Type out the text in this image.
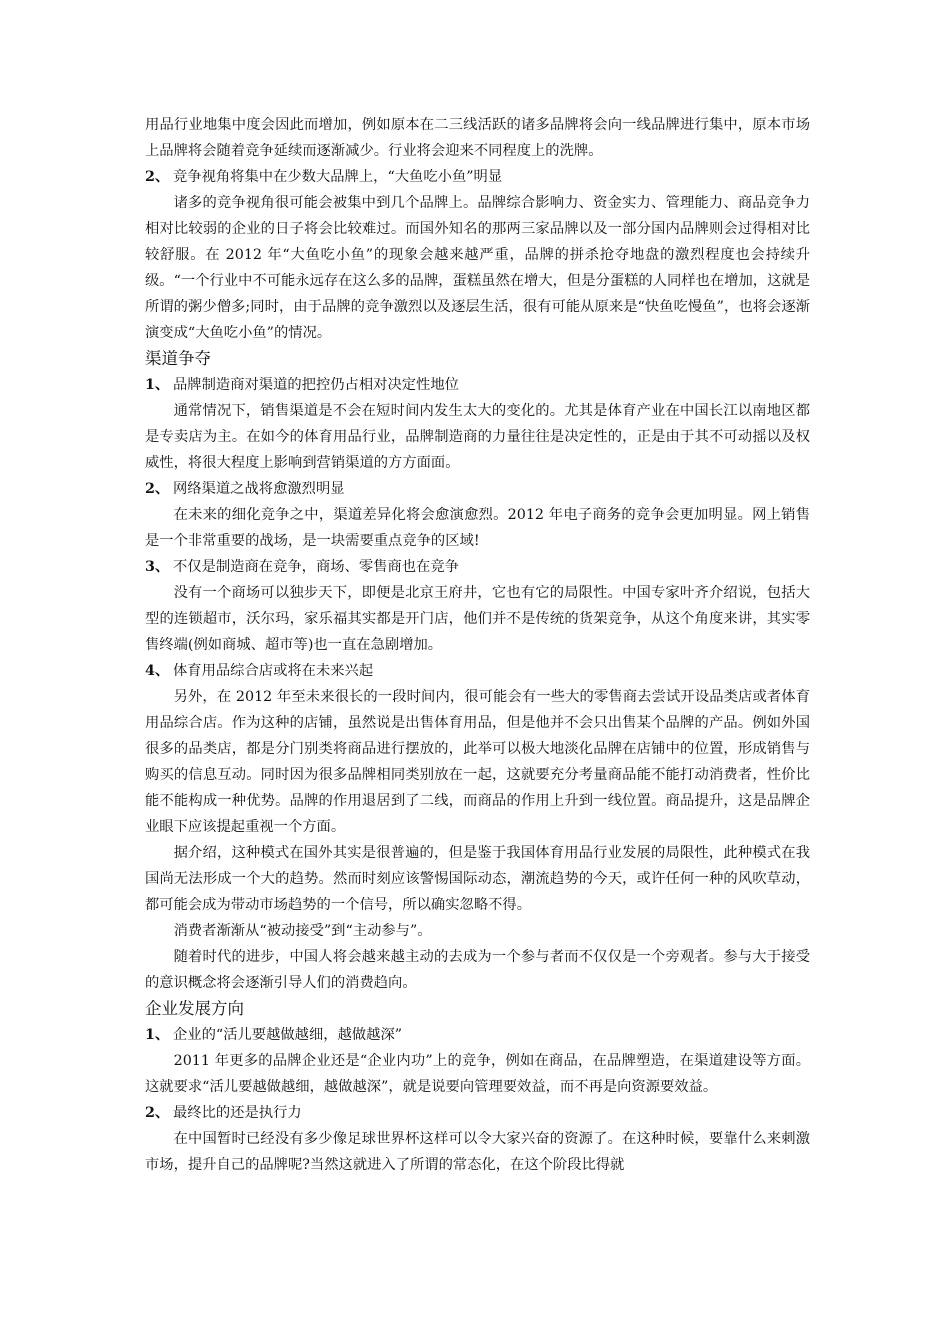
用品行业地集中度会因此而增加，例如原本在二三线活跃的诸多品牌将会向一线品牌进行集中，原本市场上品牌将会随着竞争延续而逐渐减少。行业将会迎来不同程度上的洗牌。

2、 竞争视角将集中在少数大品牌上，“大鱼吃小鱼”明显

诸多的竞争视角很可能会被集中到几个品牌上。品牌综合影响力、资金实力、管理能力、商品竞争力相对比较弱的企业的日子将会比较难过。而国外知名的那两三家品牌以及一部分国内品牌则会过得相对比较舒服。在 2012 年“大鱼吃小鱼”的现象会越来越严重，品牌的拼杀抢夺地盘的激烈程度也会持续升级。“一个行业中不可能永远存在这么多的品牌，蛋糕虽然在增大，但是分蛋糕的人同样也在增加，这就是所谓的粥少僧多;同时，由于品牌的竞争激烈以及逐层生活，很有可能从原来是“快鱼吃慢鱼”，也将会逐渐演变成“大鱼吃小鱼”的情况。

渠道争夺

1、 品牌制造商对渠道的把控仍占相对决定性地位

通常情况下，销售渠道是不会在短时间内发生太大的变化的。尤其是体育产业在中国长江以南地区都是专卖店为主。在如今的体育用品行业，品牌制造商的力量往往是决定性的，正是由于其不可动摇以及权威性，将很大程度上影响到营销渠道的方方面面。

2、 网络渠道之战将愈激烈明显

在未来的细化竞争之中，渠道差异化将会愈演愈烈。2012 年电子商务的竞争会更加明显。网上销售是一个非常重要的战场，是一块需要重点竞争的区域!

3、 不仅是制造商在竞争，商场、零售商也在竞争

没有一个商场可以独步天下，即便是北京王府井，它也有它的局限性。中国专家叶齐介绍说，包括大型的连锁超市，沃尔玛，家乐福其实都是开门店，他们并不是传统的货架竞争，从这个角度来讲，其实零售终端(例如商城、超市等)也一直在急剧增加。

4、 体育用品综合店或将在未来兴起

另外，在 2012 年至未来很长的一段时间内，很可能会有一些大的零售商去尝试开设品类店或者体育用品综合店。作为这种的店铺，虽然说是出售体育用品，但是他并不会只出售某个品牌的产品。例如外国很多的品类店，都是分门别类将商品进行摆放的，此举可以极大地淡化品牌在店铺中的位置，形成销售与购买的信息互动。同时因为很多品牌相同类别放在一起，这就要充分考量商品能不能打动消费者，性价比能不能构成一种优势。品牌的作用退居到了二线，而商品的作用上升到一线位置。商品提升，这是品牌企业眼下应该提起重视一个方面。

据介绍，这种模式在国外其实是很普遍的，但是鉴于我国体育用品行业发展的局限性，此种模式在我国尚无法形成一个大的趋势。然而时刻应该警惕国际动态，潮流趋势的今天，或许任何一种的风吹草动，都可能会成为带动市场趋势的一个信号，所以确实忽略不得。

消费者渐渐从“被动接受”到“主动参与”。

随着时代的进步，中国人将会越来越主动的去成为一个参与者而不仅仅是一个旁观者。参与大于接受的意识概念将会逐渐引导人们的消费趋向。

企业发展方向

1、 企业的“活儿要越做越细，越做越深”

2011 年更多的品牌企业还是“企业内功”上的竞争，例如在商品，在品牌塑造，在渠道建设等方面。这就要求“活儿要越做越细，越做越深”，就是说要向管理要效益，而不再是向资源要效益。

2、 最终比的还是执行力

在中国暂时已经没有多少像足球世界杯这样可以令大家兴奋的资源了。在这种时候，要靠什么来刺激市场，提升自己的品牌呢?当然这就进入了所谓的常态化，在这个阶段比得就
